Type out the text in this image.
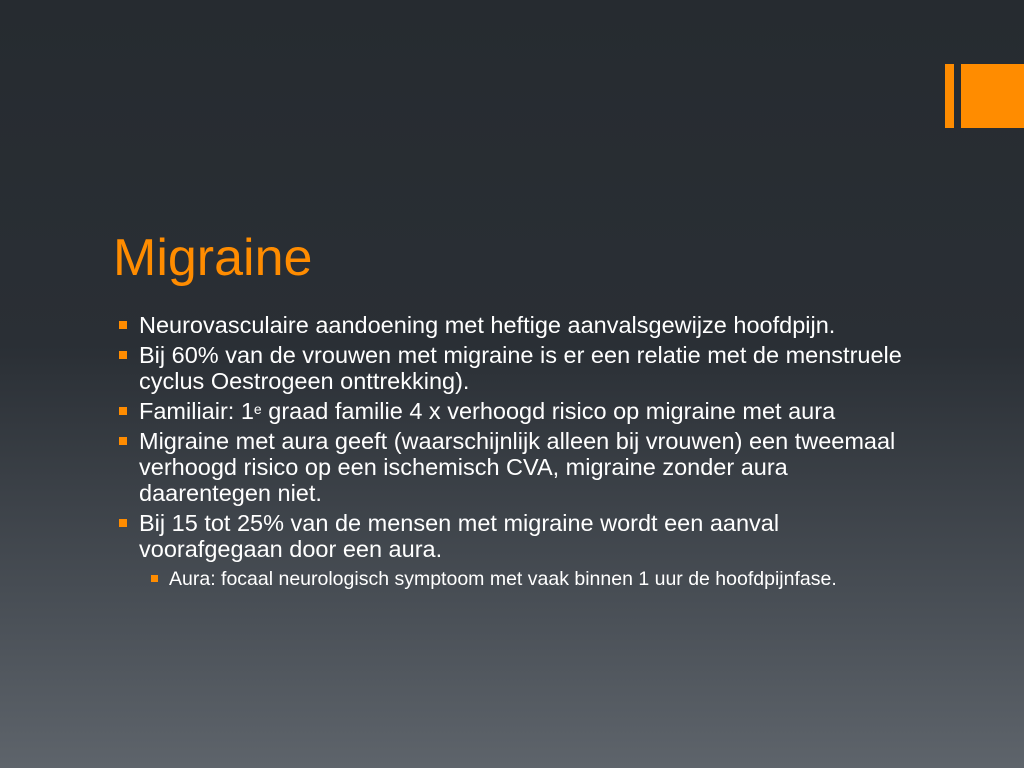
Migraine
Neurovasculaire aandoening met heftige aanvalsgewijze hoofdpijn.
Bij 60% van de vrouwen met migraine is er een relatie met de menstruele cyclus Oestrogeen onttrekking).
Familiair: 1e graad familie 4 x verhoogd risico op migraine met aura
Migraine met aura geeft (waarschijnlijk alleen bij vrouwen) een tweemaal verhoogd risico op een ischemisch CVA, migraine zonder aura daarentegen niet.
Bij 15 tot 25% van de mensen met migraine wordt een aanval voorafgegaan door een aura.
Aura: focaal neurologisch symptoom met vaak binnen 1 uur de hoofdpijnfase.
